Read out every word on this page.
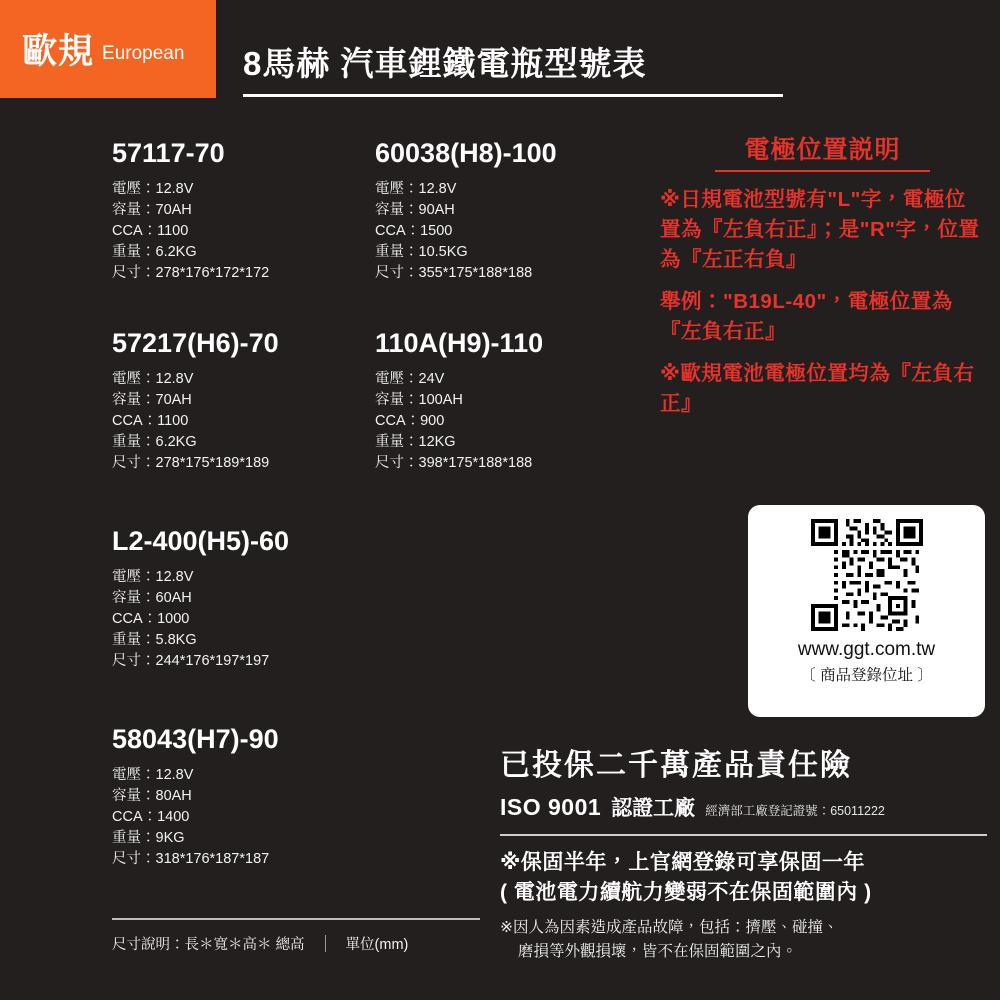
歐規 European 8馬赫 汽車鋰鐵電瓶型號表
57117-70
電壓：12.8V
容量：70AH
CCA：1100
重量：6.2KG
尺寸：278*176*172*172
57217(H6)-70
電壓：12.8V
容量：70AH
CCA：1100
重量：6.2KG
尺寸：278*175*189*189
L2-400(H5)-60
電壓：12.8V
容量：60AH
CCA：1000
重量：5.8KG
尺寸：244*176*197*197
58043(H7)-90
電壓：12.8V
容量：80AH
CCA：1400
重量：9KG
尺寸：318*176*187*187
60038(H8)-100
電壓：12.8V
容量：90AH
CCA：1500
重量：10.5KG
尺寸：355*175*188*188
110A(H9)-110
電壓：24V
容量：100AH
CCA：900
重量：12KG
尺寸：398*175*188*188
尺寸說明：長＊寬＊高＊ 總高	單位(mm)
電極位置説明
※日規電池型號有"L"字，電極位置為『左負右正』；是"R"字，位置為『左正右負』
舉例："B19L-40"，電極位置為『左負右正』
※歐規電池電極位置均為『左負右正』
www.ggt.com.tw
〔 商品登錄位址 〕
已投保二千萬產品責任險
ISO 9001 認證工廠 經濟部工廠登記證號：65011222
※保固半年，上官網登錄可享保固一年
( 電池電力續航力變弱不在保固範圍內 )
※因人為因素造成產品故障，包括：擠壓、碰撞、
磨損等外觀損壞，皆不在保固範圍之內。
